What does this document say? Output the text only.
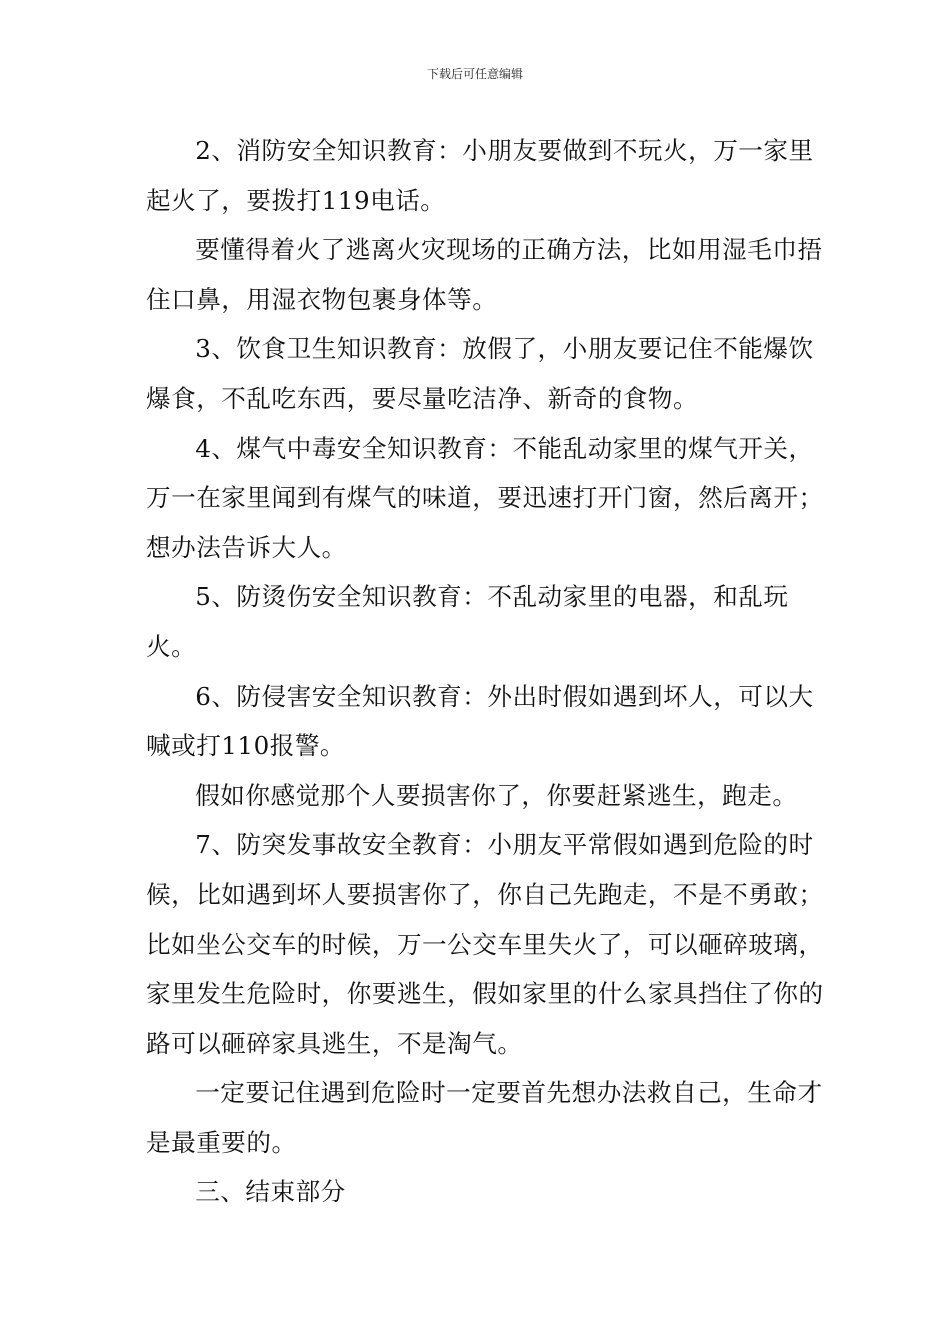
下载后可任意编辑

2、消防安全知识教育：小朋友要做到不玩火，万一家里起火了，要拨打119电话。

要懂得着火了逃离火灾现场的正确方法，比如用湿毛巾捂住口鼻，用湿衣物包裹身体等。

3、饮食卫生知识教育：放假了，小朋友要记住不能爆饮爆食，不乱吃东西，要尽量吃洁净、新奇的食物。

4、煤气中毒安全知识教育：不能乱动家里的煤气开关，万一在家里闻到有煤气的味道，要迅速打开门窗，然后离开；想办法告诉大人。

5、防烫伤安全知识教育：不乱动家里的电器，和乱玩火。

6、防侵害安全知识教育：外出时假如遇到坏人，可以大喊或打110报警。

假如你感觉那个人要损害你了，你要赶紧逃生，跑走。

7、防突发事故安全教育：小朋友平常假如遇到危险的时候，比如遇到坏人要损害你了，你自己先跑走，不是不勇敢；比如坐公交车的时候，万一公交车里失火了，可以砸碎玻璃，家里发生危险时，你要逃生，假如家里的什么家具挡住了你的路可以砸碎家具逃生，不是淘气。

一定要记住遇到危险时一定要首先想办法救自己，生命才是最重要的。

三、结束部分
